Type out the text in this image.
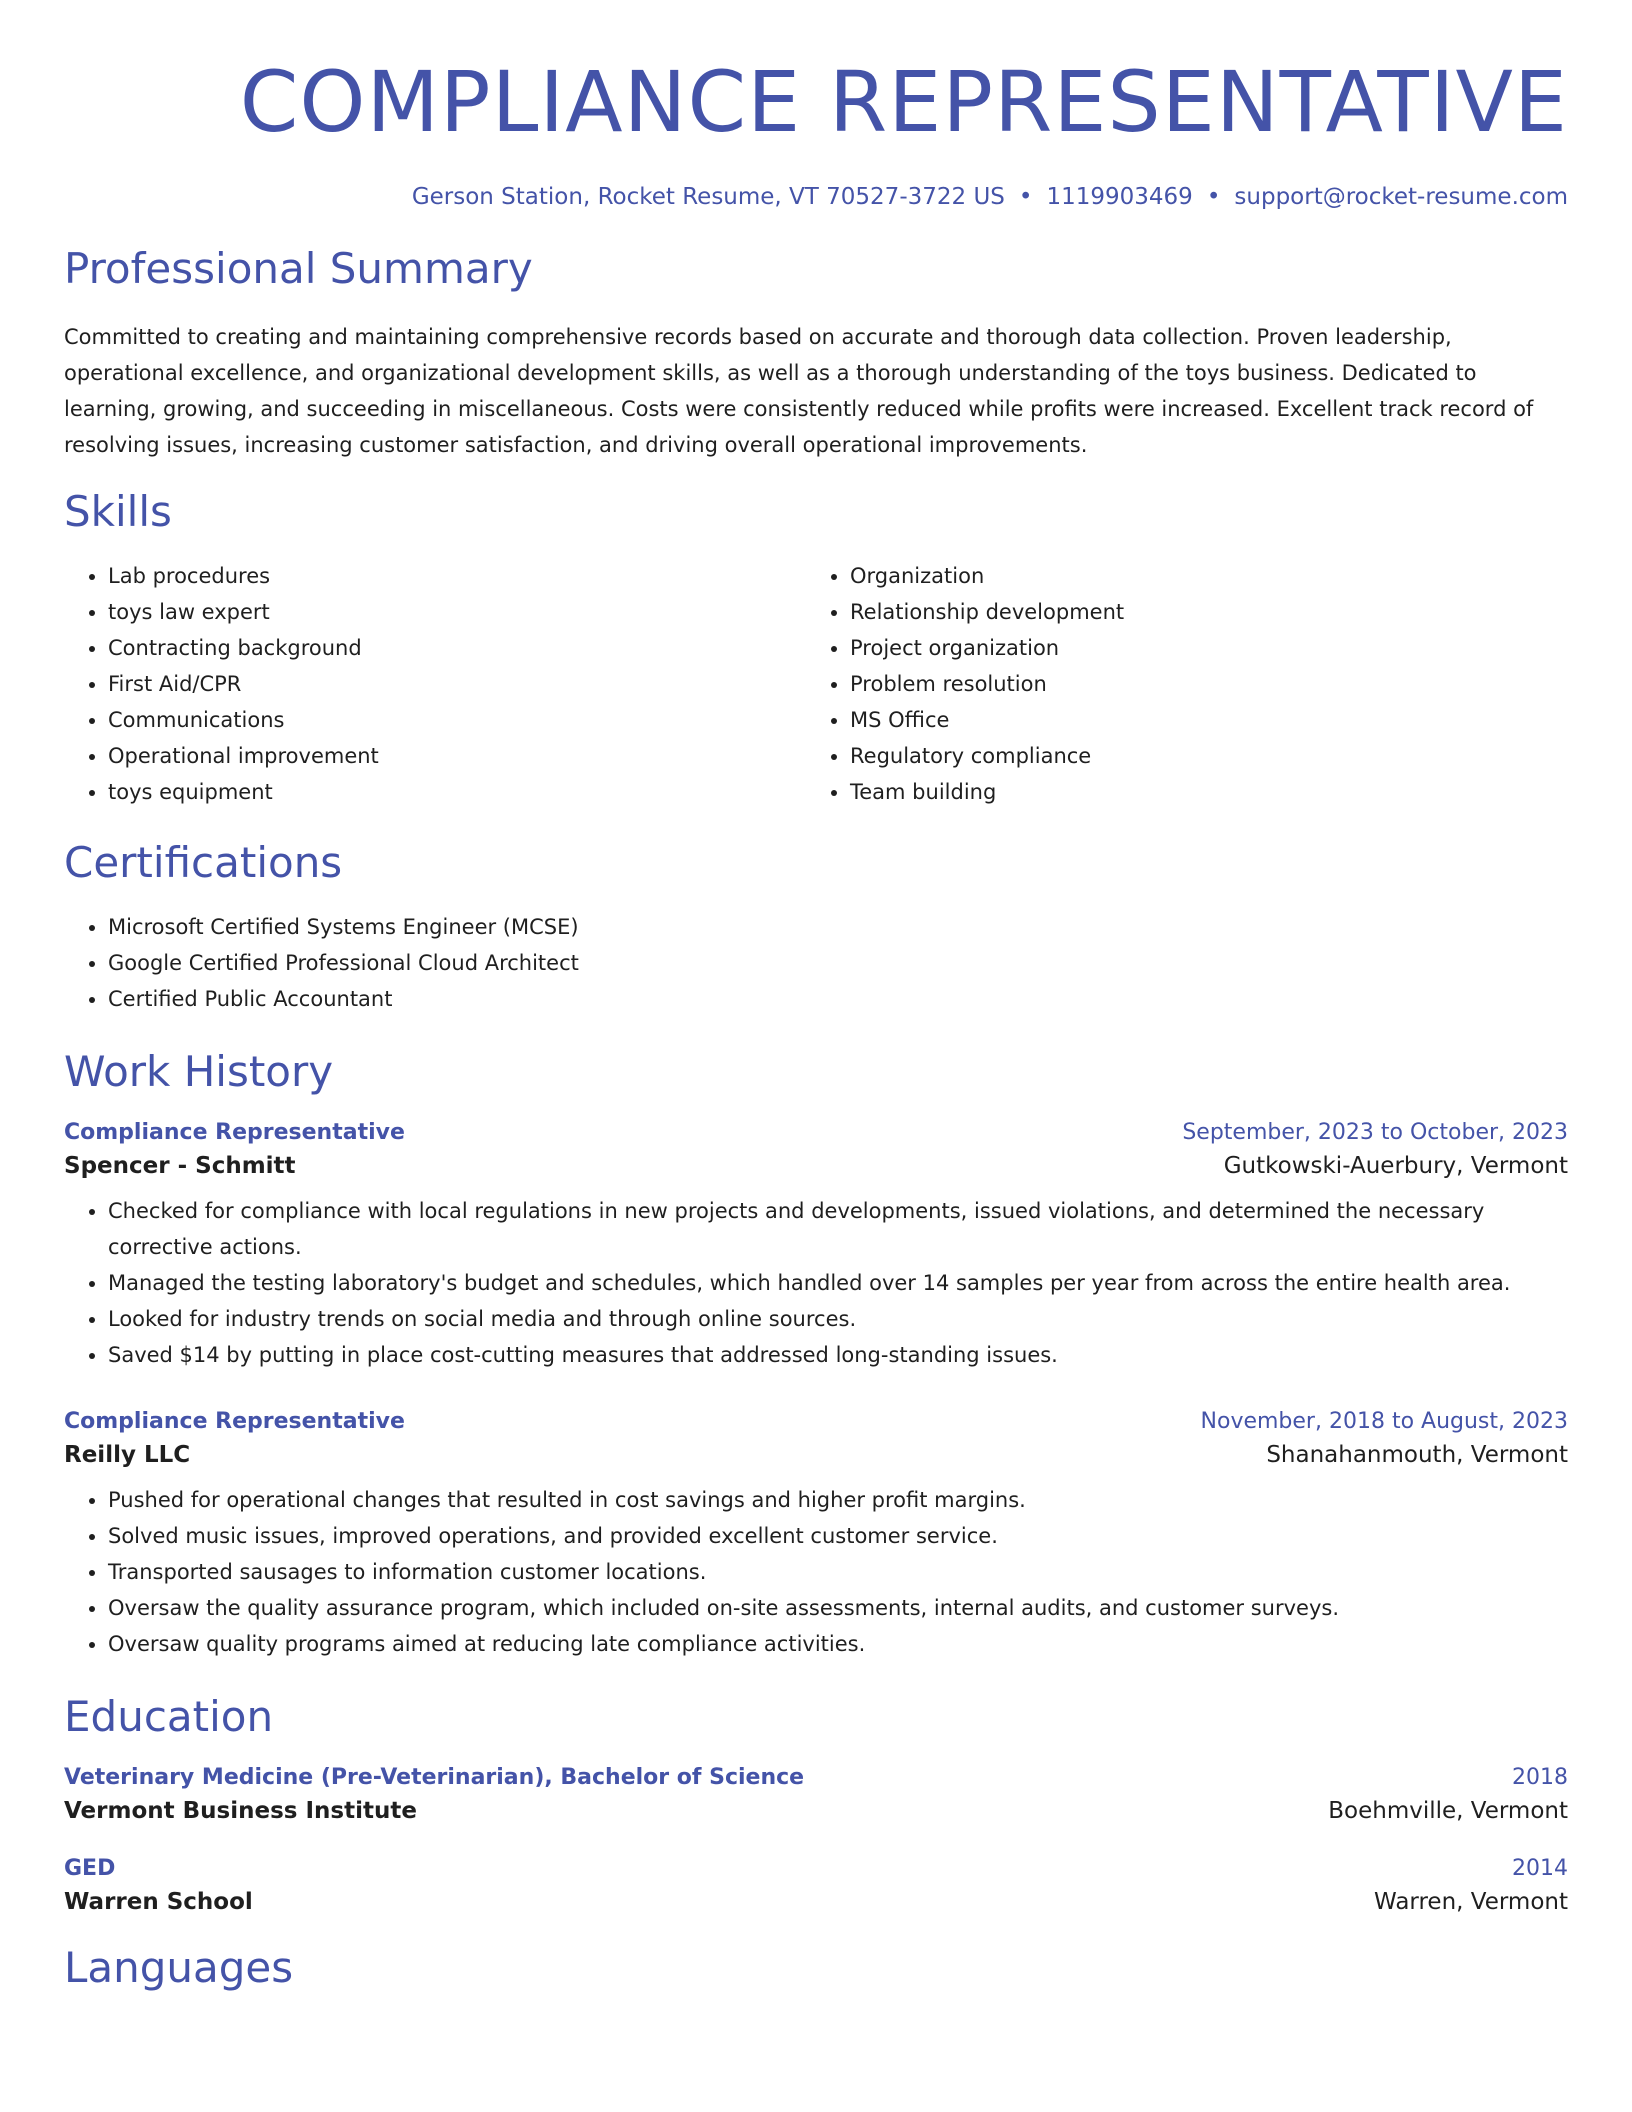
COMPLIANCE REPRESENTATIVE
Gerson Station, Rocket Resume, VT 70527-3722 US • 1119903469 • support@rocket-resume.com
Professional Summary

Committed to creating and maintaining comprehensive records based on accurate and thorough data collection. Proven leadership, operational excellence, and organizational development skills, as well as a thorough understanding of the toys business. Dedicated to learning, growing, and succeeding in miscellaneous. Costs were consistently reduced while profits were increased. Excellent track record of resolving issues, increasing customer satisfaction, and driving overall operational improvements.

Skills
• Lab procedures
• toys law expert
• Contracting background
• First Aid/CPR
• Communications
• Operational improvement
• toys equipment
• Organization
• Relationship development
• Project organization
• Problem resolution
• MS Office
• Regulatory compliance
• Team building
Certifications
• Microsoft Certified Systems Engineer (MCSE)
• Google Certified Professional Cloud Architect
• Certified Public Accountant
Work History
Compliance Representative	September, 2023 to October, 2023
Spencer - Schmitt	Gutkowski-Auerbury, Vermont
• Checked for compliance with local regulations in new projects and developments, issued violations, and determined the necessary corrective actions.
• Managed the testing laboratory's budget and schedules, which handled over 14 samples per year from across the entire health area.
• Looked for industry trends on social media and through online sources.
• Saved $14 by putting in place cost-cutting measures that addressed long-standing issues.
Compliance Representative	November, 2018 to August, 2023
Reilly LLC	Shanahanmouth, Vermont
• Pushed for operational changes that resulted in cost savings and higher profit margins.
• Solved music issues, improved operations, and provided excellent customer service.
• Transported sausages to information customer locations.
• Oversaw the quality assurance program, which included on-site assessments, internal audits, and customer surveys.
• Oversaw quality programs aimed at reducing late compliance activities.
Education
Veterinary Medicine (Pre-Veterinarian), Bachelor of Science	2018
Vermont Business Institute	Boehmville, Vermont
GED	2014
Warren School	Warren, Vermont
Languages
